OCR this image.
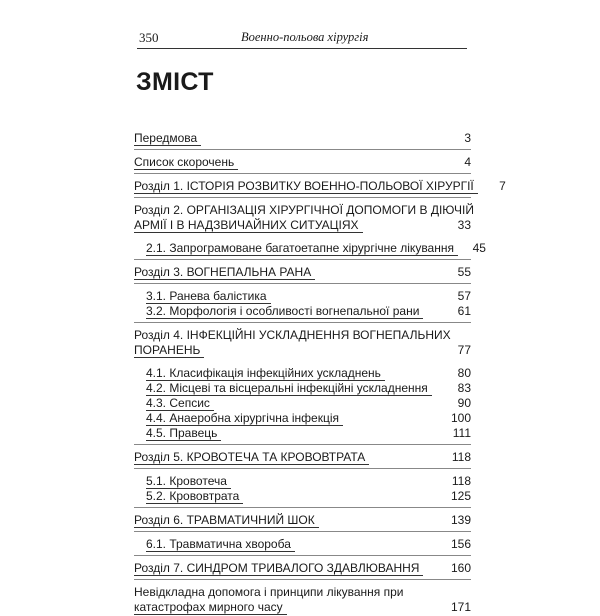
350	Военно-польова хірургія
ЗМІСТ
Передмова	3
Список скорочень	4
Розділ 1. ІСТОРІЯ РОЗВИТКУ ВОЕННО-ПОЛЬОВОЇ ХІРУРГІЇ	7
Розділ 2. ОРГАНІЗАЦІЯ ХІРУРГІЧНОЇ ДОПОМОГИ В ДІЮЧІЙ
АРМІЇ І В НАДЗВИЧАЙНИХ СИТУАЦІЯХ	33
2.1. Запрограмоване багатоетапне хірургічне лікування	45
Розділ 3. ВОГНЕПАЛЬНА РАНА	55
3.1. Ранева балістика	57
3.2. Морфологія і особливості вогнепальної рани	61
Розділ 4. ІНФЕКЦІЙНІ УСКЛАДНЕННЯ ВОГНЕПАЛЬНИХ
ПОРАНЕНЬ	77
4.1. Класифікація інфекційних ускладнень	80
4.2. Місцеві та вісцеральні інфекційні ускладнення	83
4.3. Сепсис	90
4.4. Анаеробна хірургічна інфекція	100
4.5. Правець	111
Розділ 5. КРОВОТЕЧА ТА КРОВОВТРАТА	118
5.1. Кровотеча	118
5.2. Крововтрата	125
Розділ 6. ТРАВМАТИЧНИЙ ШОК	139
6.1. Травматична хвороба	156
Розділ 7. СИНДРОМ ТРИВАЛОГО ЗДАВЛЮВАННЯ	160
Невідкладна допомога і принципи лікування при
катастрофах мирного часу	171
